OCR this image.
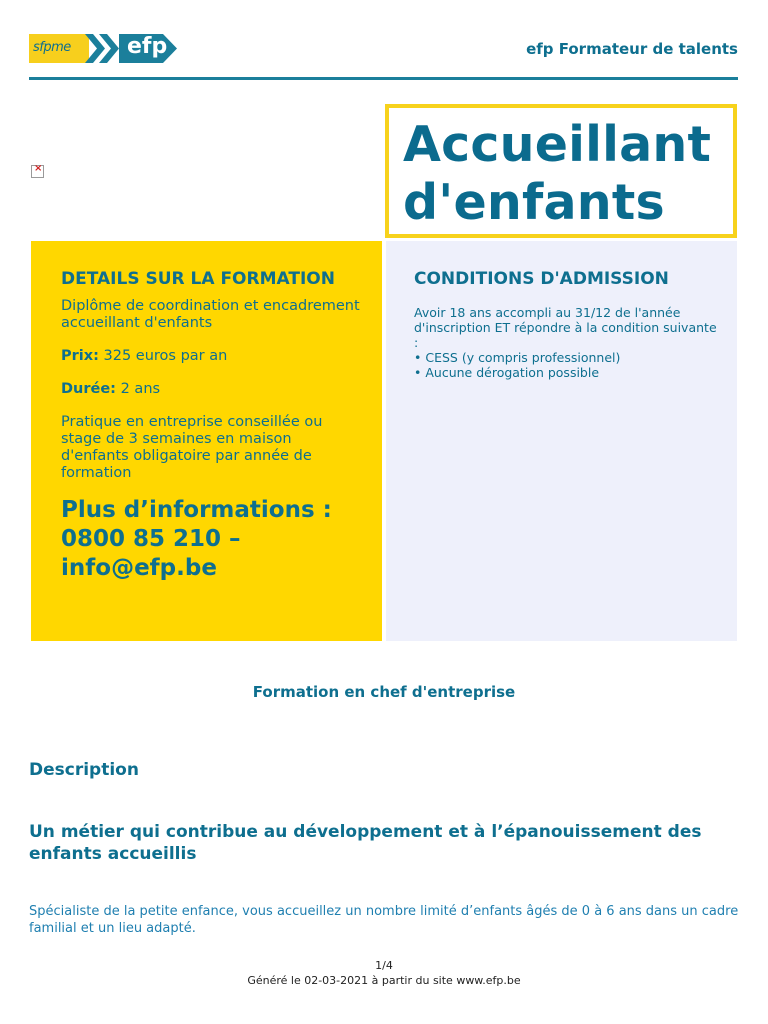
sfpme	efp	efp Formateur de talents
×	Accueillant
d'enfants
DETAILS SUR LA FORMATION

Diplôme de coordination et encadrement accueillant d'enfants

Prix: 325 euros par an

Durée: 2 ans

Pratique en entreprise conseillée ou stage de 3 semaines en maison d'enfants obligatoire par année de formation

Plus d’informations : 0800 85 210 – info@efp.be
CONDITIONS D'ADMISSION

Avoir 18 ans accompli au 31/12 de l'année d'inscription ET répondre à la condition suivante :
• CESS (y compris professionnel)
• Aucune dérogation possible

Formation en chef d'entreprise
Description
Un métier qui contribue au développement et à l’épanouissement des enfants accueillis
Spécialiste de la petite enfance, vous accueillez un nombre limité d’enfants âgés de 0 à 6 ans dans un cadre familial et un lieu adapté.
1/4
Généré le 02-03-2021 à partir du site www.efp.be
